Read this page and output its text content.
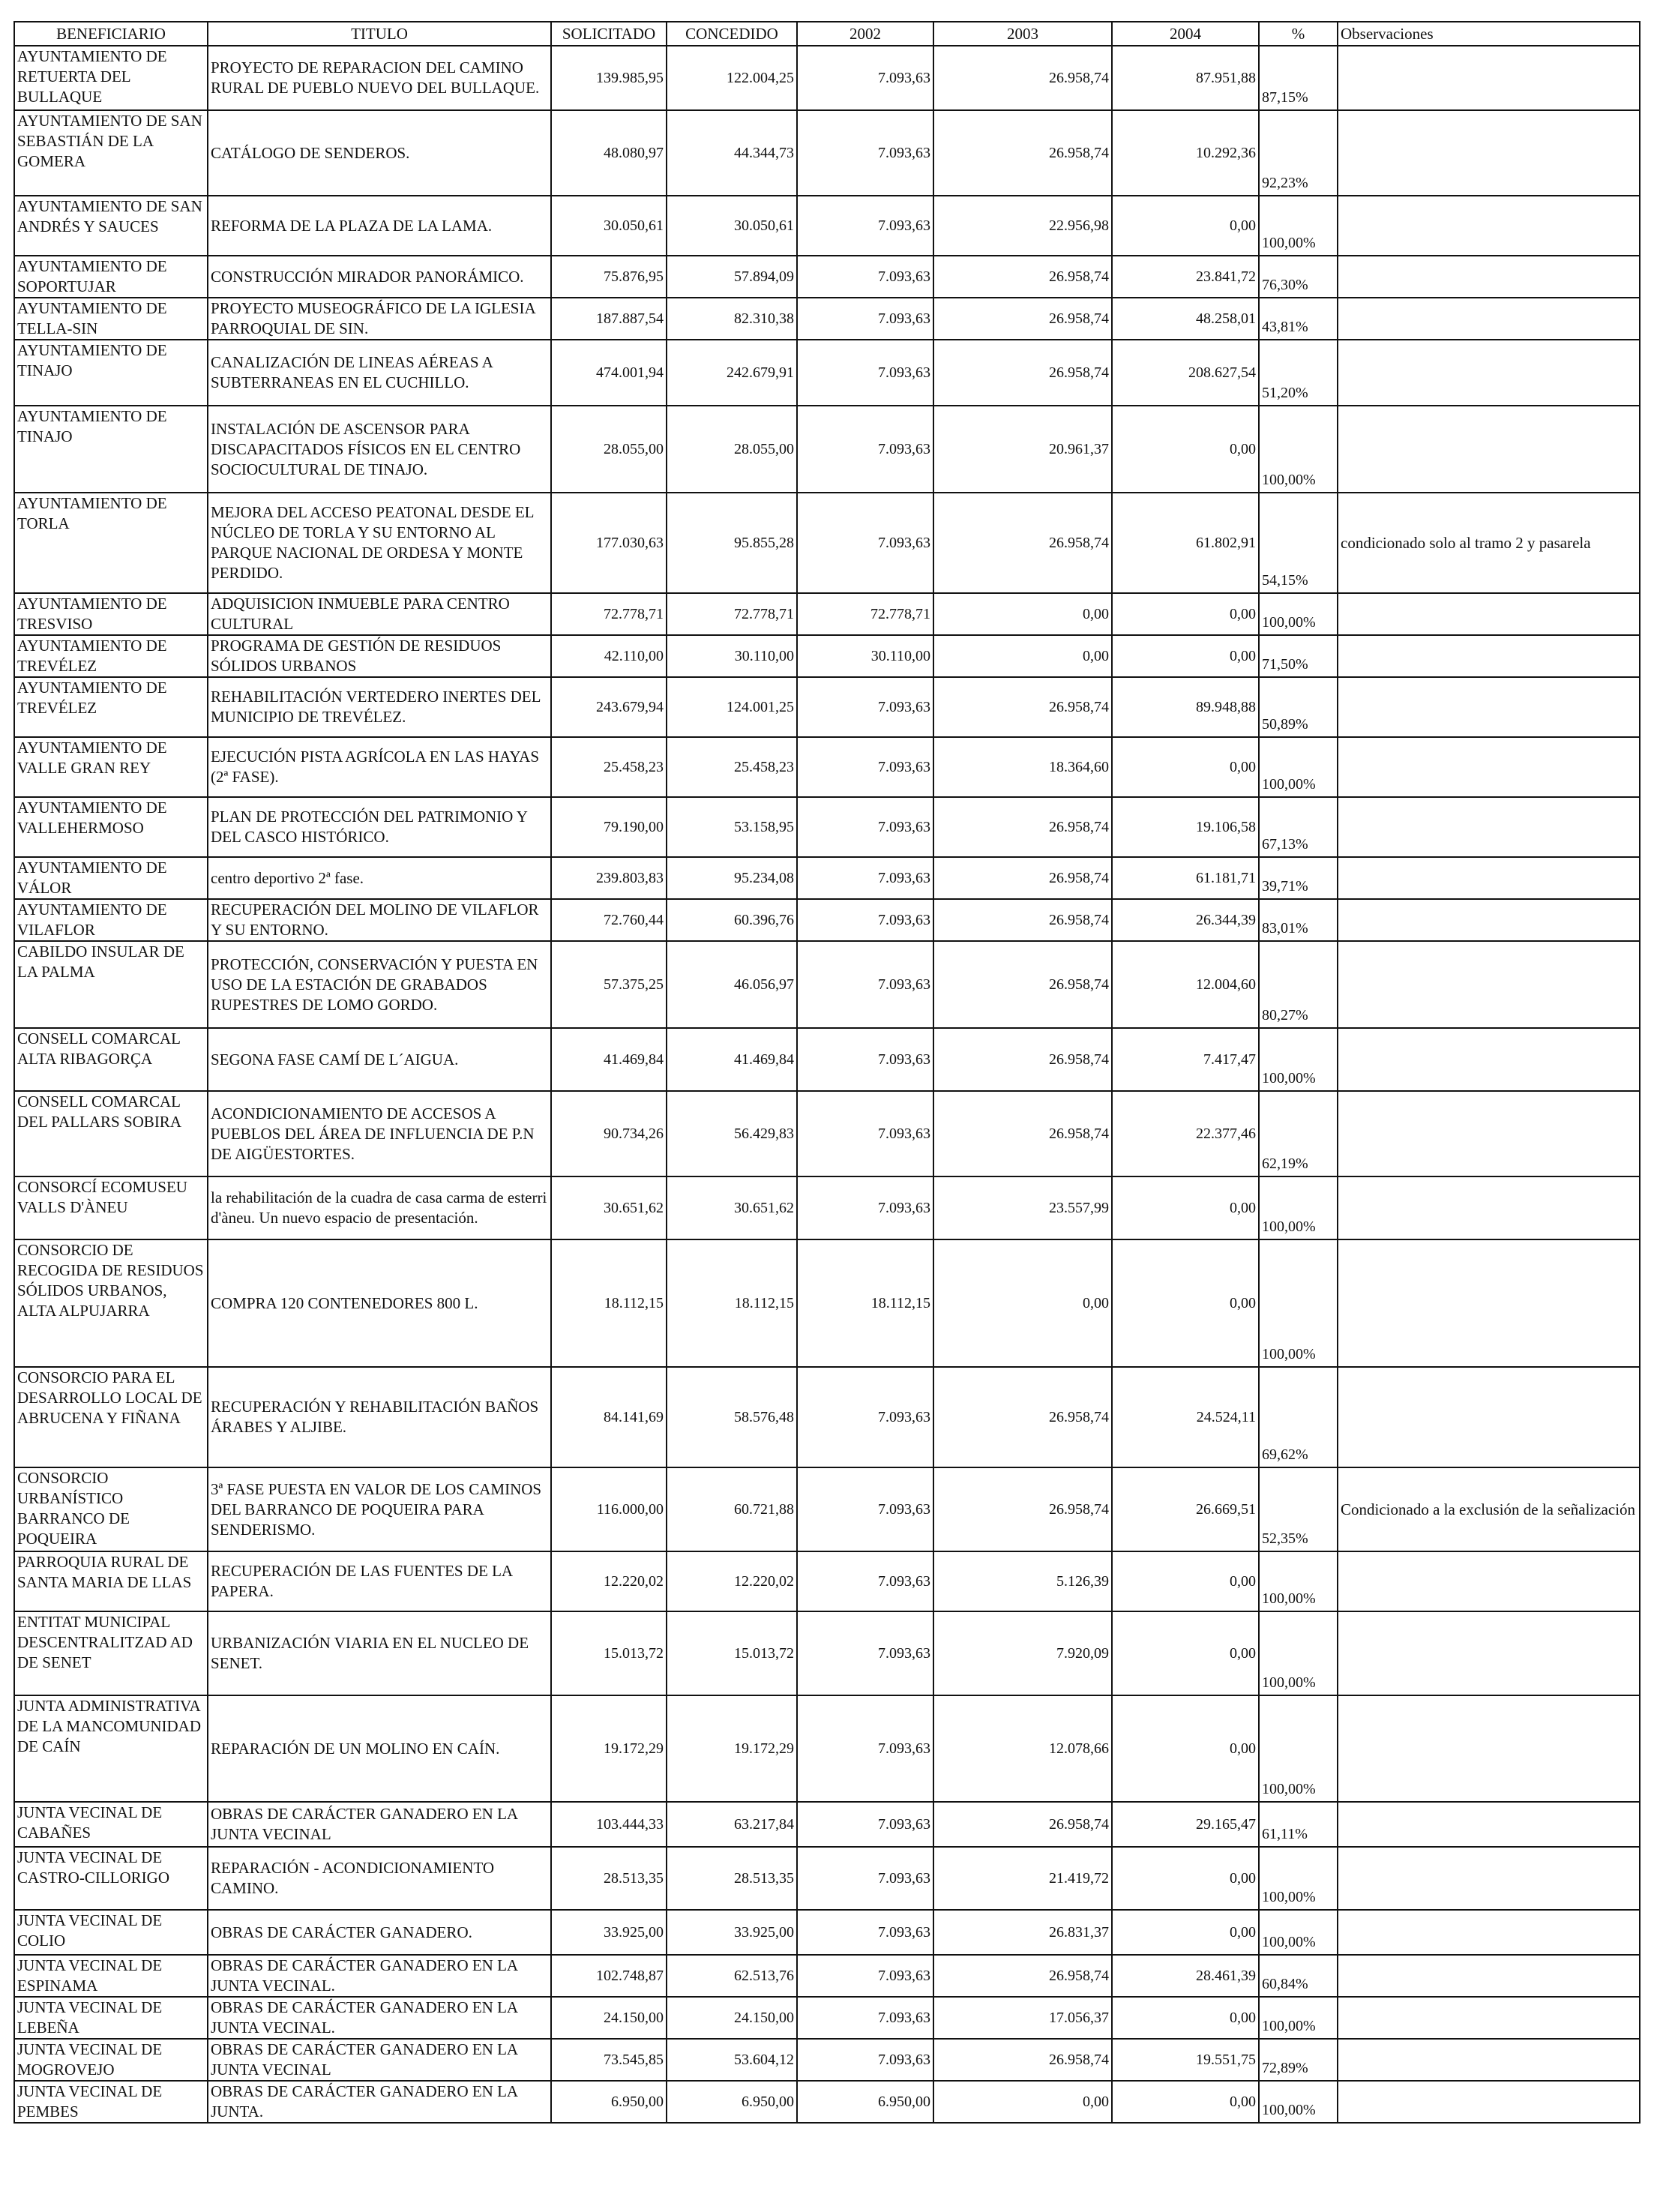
BENEFICIARIO	TITULO	SOLICITADO	CONCEDIDO	2002	2003	2004	%	Observaciones
AYUNTAMIENTO DE RETUERTA DEL BULLAQUE	PROYECTO DE REPARACION DEL CAMINO RURAL DE PUEBLO NUEVO DEL BULLAQUE.	139.985,95	122.004,25	7.093,63	26.958,74	87.951,88	87,15%	
AYUNTAMIENTO DE SAN SEBASTIÁN DE LA GOMERA	CATÁLOGO DE SENDEROS.	48.080,97	44.344,73	7.093,63	26.958,74	10.292,36	92,23%	
AYUNTAMIENTO DE SAN ANDRÉS Y SAUCES	REFORMA DE LA PLAZA DE LA LAMA.	30.050,61	30.050,61	7.093,63	22.956,98	0,00	100,00%	
AYUNTAMIENTO DE SOPORTUJAR	CONSTRUCCIÓN MIRADOR PANORÁMICO.	75.876,95	57.894,09	7.093,63	26.958,74	23.841,72	76,30%	
AYUNTAMIENTO DE TELLA-SIN	PROYECTO MUSEOGRÁFICO DE LA IGLESIA PARROQUIAL DE SIN.	187.887,54	82.310,38	7.093,63	26.958,74	48.258,01	43,81%	
AYUNTAMIENTO DE TINAJO	CANALIZACIÓN DE LINEAS AÉREAS A SUBTERRANEAS EN EL CUCHILLO.	474.001,94	242.679,91	7.093,63	26.958,74	208.627,54	51,20%	
AYUNTAMIENTO DE TINAJO	INSTALACIÓN DE ASCENSOR PARA DISCAPACITADOS FÍSICOS EN EL CENTRO SOCIOCULTURAL DE TINAJO.	28.055,00	28.055,00	7.093,63	20.961,37	0,00	100,00%	
AYUNTAMIENTO DE TORLA	MEJORA DEL ACCESO PEATONAL DESDE EL NÚCLEO DE TORLA Y SU ENTORNO AL PARQUE NACIONAL DE ORDESA Y MONTE PERDIDO.	177.030,63	95.855,28	7.093,63	26.958,74	61.802,91	54,15%	condicionado solo al tramo 2 y pasarela
AYUNTAMIENTO DE TRESVISO	ADQUISICION INMUEBLE PARA CENTRO CULTURAL	72.778,71	72.778,71	72.778,71	0,00	0,00	100,00%	
AYUNTAMIENTO DE TREVÉLEZ	PROGRAMA DE GESTIÓN DE RESIDUOS SÓLIDOS URBANOS	42.110,00	30.110,00	30.110,00	0,00	0,00	71,50%	
AYUNTAMIENTO DE TREVÉLEZ	REHABILITACIÓN VERTEDERO INERTES DEL MUNICIPIO DE TREVÉLEZ.	243.679,94	124.001,25	7.093,63	26.958,74	89.948,88	50,89%	
AYUNTAMIENTO DE VALLE GRAN REY	EJECUCIÓN PISTA AGRÍCOLA EN LAS HAYAS (2ª FASE).	25.458,23	25.458,23	7.093,63	18.364,60	0,00	100,00%	
AYUNTAMIENTO DE VALLEHERMOSO	PLAN DE PROTECCIÓN DEL PATRIMONIO Y DEL CASCO HISTÓRICO.	79.190,00	53.158,95	7.093,63	26.958,74	19.106,58	67,13%	
AYUNTAMIENTO DE VÁLOR	centro deportivo 2ª fase.	239.803,83	95.234,08	7.093,63	26.958,74	61.181,71	39,71%	
AYUNTAMIENTO DE VILAFLOR	RECUPERACIÓN DEL MOLINO DE VILAFLOR Y SU ENTORNO.	72.760,44	60.396,76	7.093,63	26.958,74	26.344,39	83,01%	
CABILDO INSULAR DE LA PALMA	PROTECCIÓN, CONSERVACIÓN Y PUESTA EN USO DE LA ESTACIÓN DE GRABADOS RUPESTRES DE LOMO GORDO.	57.375,25	46.056,97	7.093,63	26.958,74	12.004,60	80,27%	
CONSELL COMARCAL ALTA RIBAGORÇA	SEGONA FASE CAMÍ DE L´AIGUA.	41.469,84	41.469,84	7.093,63	26.958,74	7.417,47	100,00%	
CONSELL COMARCAL DEL PALLARS SOBIRA	ACONDICIONAMIENTO DE ACCESOS A PUEBLOS DEL ÁREA DE INFLUENCIA DE P.N DE AIGÜESTORTES.	90.734,26	56.429,83	7.093,63	26.958,74	22.377,46	62,19%	
CONSORCÍ ECOMUSEU VALLS D'ÀNEU	la rehabilitación de la cuadra de casa carma de esterri d'àneu. Un nuevo espacio de presentación.	30.651,62	30.651,62	7.093,63	23.557,99	0,00	100,00%	
CONSORCIO DE RECOGIDA DE RESIDUOS SÓLIDOS URBANOS, ALTA ALPUJARRA	COMPRA 120 CONTENEDORES 800 L.	18.112,15	18.112,15	18.112,15	0,00	0,00	100,00%	
CONSORCIO PARA EL DESARROLLO LOCAL DE ABRUCENA Y FIÑANA	RECUPERACIÓN Y REHABILITACIÓN BAÑOS ÁRABES Y ALJIBE.	84.141,69	58.576,48	7.093,63	26.958,74	24.524,11	69,62%	
CONSORCIO URBANÍSTICO BARRANCO DE POQUEIRA	3ª FASE PUESTA EN VALOR DE LOS CAMINOS DEL BARRANCO DE POQUEIRA PARA SENDERISMO.	116.000,00	60.721,88	7.093,63	26.958,74	26.669,51	52,35%	Condicionado a la exclusión de la señalización
PARROQUIA RURAL DE SANTA MARIA DE LLAS	RECUPERACIÓN DE LAS FUENTES DE LA PAPERA.	12.220,02	12.220,02	7.093,63	5.126,39	0,00	100,00%	
ENTITAT MUNICIPAL DESCENTRALITZAD AD DE SENET	URBANIZACIÓN VIARIA EN EL NUCLEO DE SENET.	15.013,72	15.013,72	7.093,63	7.920,09	0,00	100,00%	
JUNTA ADMINISTRATIVA DE LA MANCOMUNIDAD DE CAÍN	REPARACIÓN DE UN MOLINO EN CAÍN.	19.172,29	19.172,29	7.093,63	12.078,66	0,00	100,00%	
JUNTA VECINAL DE CABAÑES	OBRAS DE CARÁCTER GANADERO EN LA JUNTA VECINAL	103.444,33	63.217,84	7.093,63	26.958,74	29.165,47	61,11%	
JUNTA VECINAL DE CASTRO-CILLORIGO	REPARACIÓN - ACONDICIONAMIENTO CAMINO.	28.513,35	28.513,35	7.093,63	21.419,72	0,00	100,00%	
JUNTA VECINAL DE COLIO	OBRAS DE CARÁCTER GANADERO.	33.925,00	33.925,00	7.093,63	26.831,37	0,00	100,00%	
JUNTA VECINAL DE ESPINAMA	OBRAS DE CARÁCTER GANADERO EN LA JUNTA VECINAL.	102.748,87	62.513,76	7.093,63	26.958,74	28.461,39	60,84%	
JUNTA VECINAL DE LEBEÑA	OBRAS DE CARÁCTER GANADERO EN LA JUNTA VECINAL.	24.150,00	24.150,00	7.093,63	17.056,37	0,00	100,00%	
JUNTA VECINAL DE MOGROVEJO	OBRAS DE CARÁCTER GANADERO EN LA JUNTA VECINAL	73.545,85	53.604,12	7.093,63	26.958,74	19.551,75	72,89%	
JUNTA VECINAL DE PEMBES	OBRAS DE CARÁCTER GANADERO EN LA JUNTA.	6.950,00	6.950,00	6.950,00	0,00	0,00	100,00%	
